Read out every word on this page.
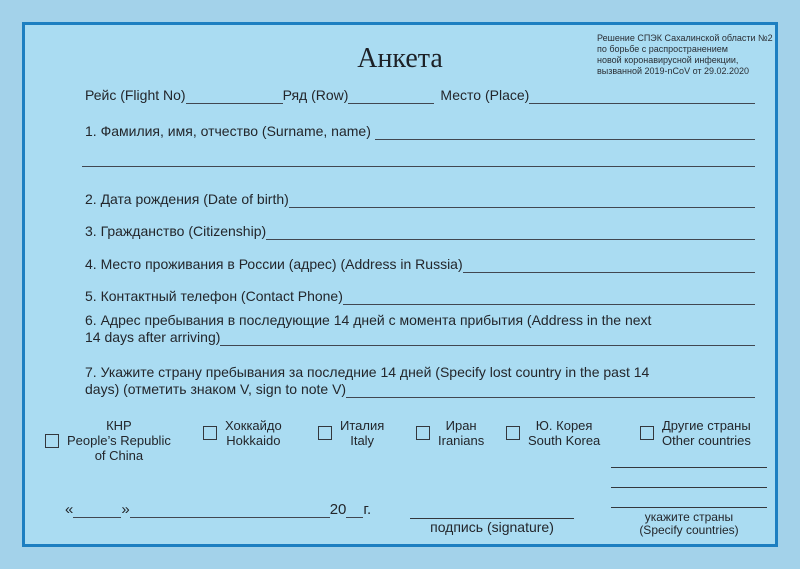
Анкета
Решение СПЭК Сахалинской области №2
по борьбе с распространением
новой коронавирусной инфекции,
вызванной 2019-nCoV от 29.02.2020
Рейс (Flight No)	Ряд (Row)	Место (Place)
1. Фамилия, имя, отчество (Surname, name)
2. Дата рождения (Date of birth)
3. Гражданство (Citizenship)
4. Место проживания в России (адрес) (Address in Russia)
5. Контактный телефон (Contact Phone)
6. Адрес пребывания в последующие 14 дней с момента прибытия (Address in the next
14 days after arriving)
7. Укажите страну пребывания за последние 14 дней (Specify lost country in the past 14
days) (отметить знаком V, sign to note V)
КНР
People’s Republic
of China
Хоккайдо
Hokkaido
Италия
Italy
Иран
Iranians
Ю. Корея
South Korea
Другие страны
Other countries
укажите страны
(Specify countries)
«	»	20 г.
подпись (signature)
